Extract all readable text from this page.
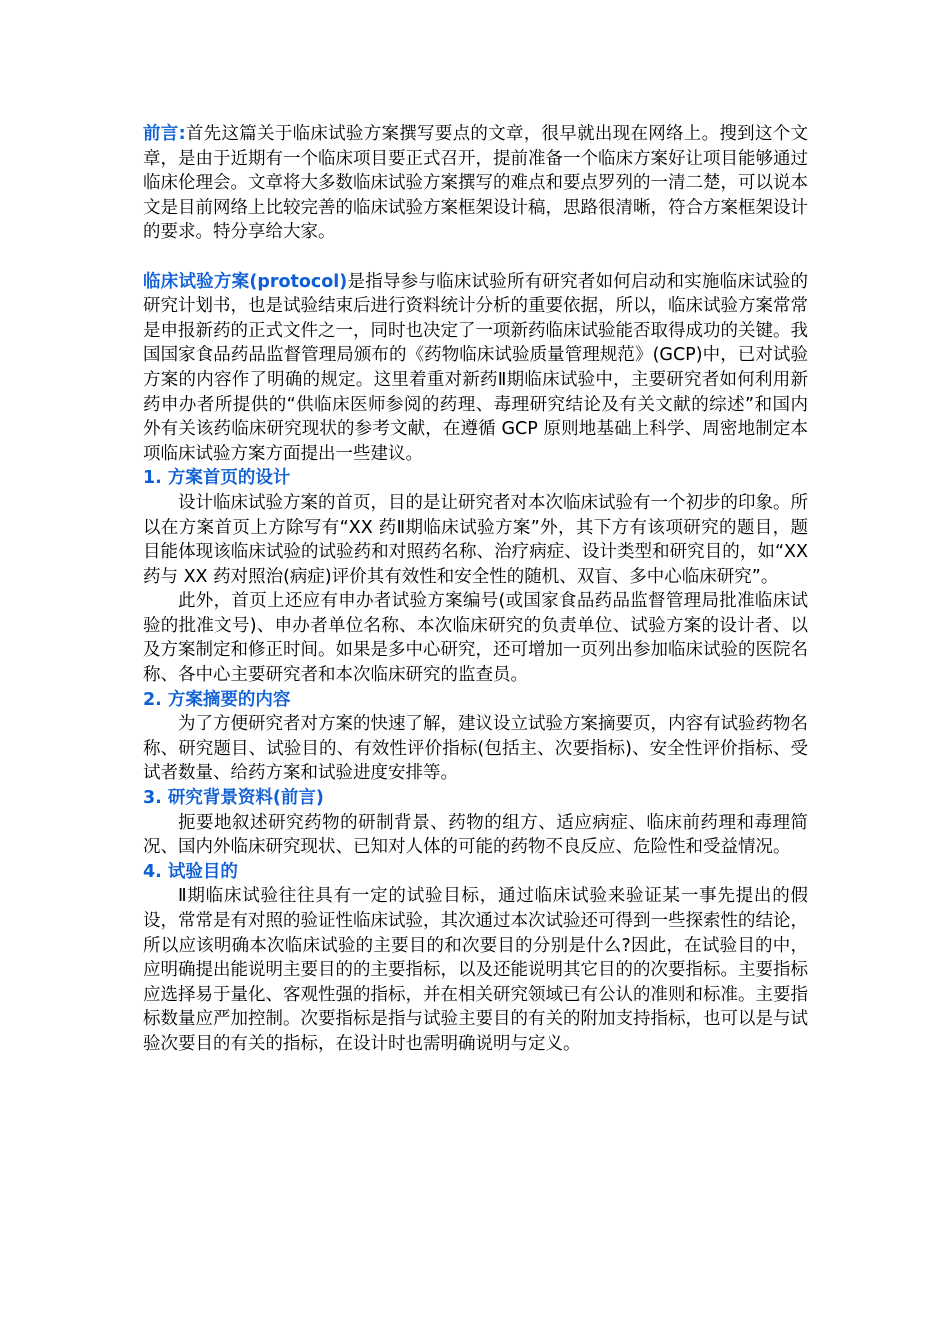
前言:首先这篇关于临床试验方案撰写要点的文章，很早就出现在网络上。搜到这个文章，是由于近期有一个临床项目要正式召开，提前准备一个临床方案好让项目能够通过临床伦理会。文章将大多数临床试验方案撰写的难点和要点罗列的一清二楚，可以说本文是目前网络上比较完善的临床试验方案框架设计稿，思路很清晰，符合方案框架设计的要求。特分享给大家。

临床试验方案(protocol)是指导参与临床试验所有研究者如何启动和实施临床试验的研究计划书，也是试验结束后进行资料统计分析的重要依据，所以，临床试验方案常常是申报新药的正式文件之一，同时也决定了一项新药临床试验能否取得成功的关键。我国国家食品药品监督管理局颁布的《药物临床试验质量管理规范》(GCP)中，已对试验方案的内容作了明确的规定。这里着重对新药Ⅱ期临床试验中，主要研究者如何利用新药申办者所提供的“供临床医师参阅的药理、毒理研究结论及有关文献的综述”和国内外有关该药临床研究现状的参考文献，在遵循 GCP 原则地基础上科学、周密地制定本项临床试验方案方面提出一些建议。

1. 方案首页的设计

设计临床试验方案的首页，目的是让研究者对本次临床试验有一个初步的印象。所以在方案首页上方除写有“XX 药Ⅱ期临床试验方案”外，其下方有该项研究的题目，题目能体现该临床试验的试验药和对照药名称、治疗病症、设计类型和研究目的，如“XX 药与 XX 药对照治(病症)评价其有效性和安全性的随机、双盲、多中心临床研究”。

此外，首页上还应有申办者试验方案编号(或国家食品药品监督管理局批准临床试验的批准文号)、申办者单位名称、本次临床研究的负责单位、试验方案的设计者、以及方案制定和修正时间。如果是多中心研究，还可增加一页列出参加临床试验的医院名称、各中心主要研究者和本次临床研究的监查员。

2. 方案摘要的内容

为了方便研究者对方案的快速了解，建议设立试验方案摘要页，内容有试验药物名称、研究题目、试验目的、有效性评价指标(包括主、次要指标)、安全性评价指标、受试者数量、给药方案和试验进度安排等。

3. 研究背景资料(前言)

扼要地叙述研究药物的研制背景、药物的组方、适应病症、临床前药理和毒理简况、国内外临床研究现状、已知对人体的可能的药物不良反应、危险性和受益情况。

4. 试验目的

Ⅱ期临床试验往往具有一定的试验目标，通过临床试验来验证某一事先提出的假设，常常是有对照的验证性临床试验，其次通过本次试验还可得到一些探索性的结论，所以应该明确本次临床试验的主要目的和次要目的分别是什么?因此，在试验目的中，应明确提出能说明主要目的的主要指标，以及还能说明其它目的的次要指标。主要指标应选择易于量化、客观性强的指标，并在相关研究领域已有公认的准则和标准。主要指标数量应严加控制。次要指标是指与试验主要目的有关的附加支持指标，也可以是与试验次要目的有关的指标，在设计时也需明确说明与定义。
